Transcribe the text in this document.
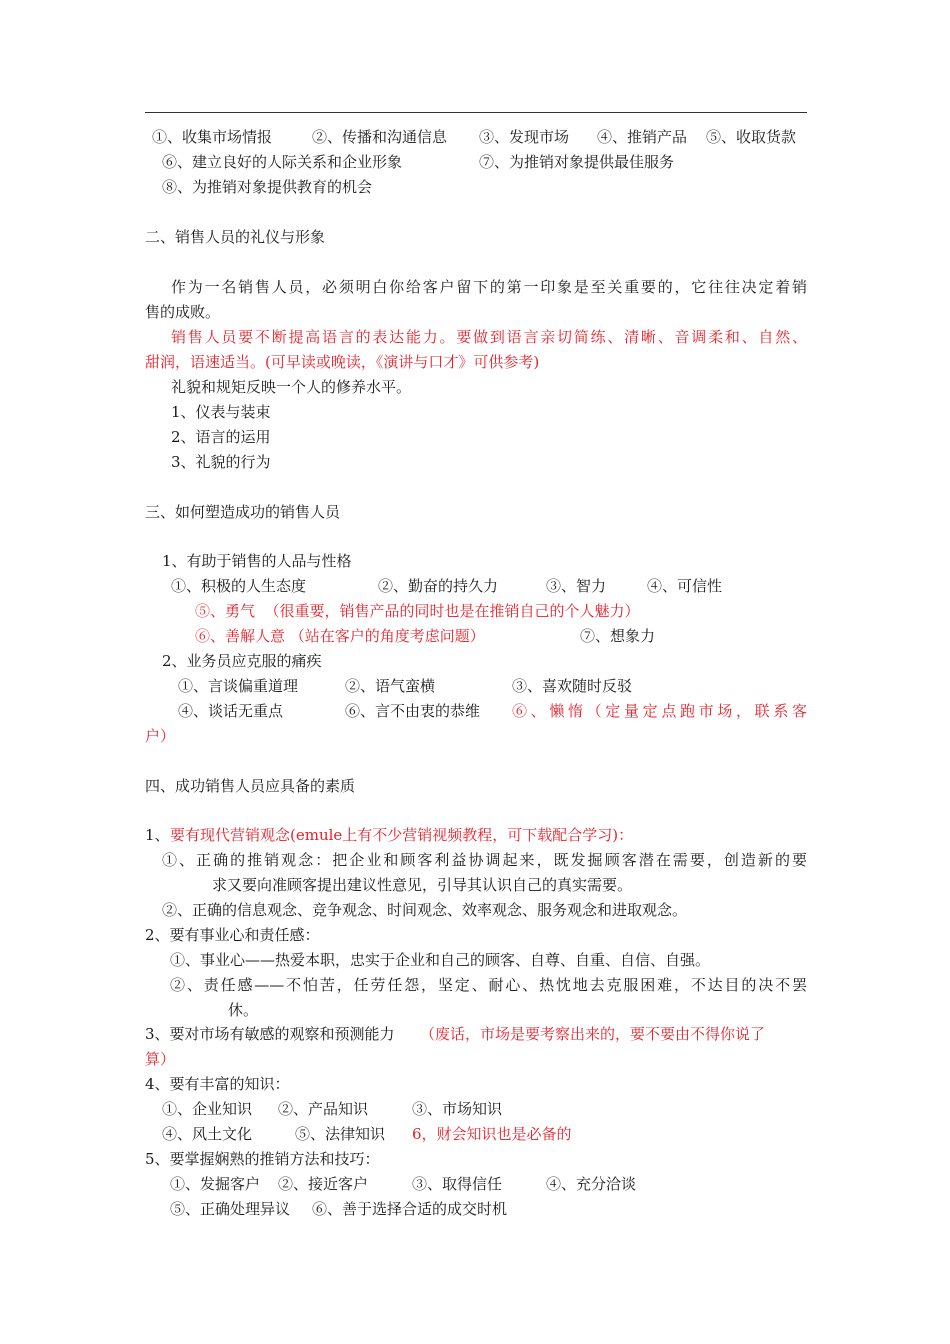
①、收集市场情报	②、传播和沟通信息 ③、发现市场 ④、推销产品 ⑤、收取货款
⑥、建立良好的人际关系和企业形象	⑦、为推销对象提供最佳服务
⑧、为推销对象提供教育的机会
二、销售人员的礼仪与形象
作为一名销售人员，必须明白你给客户留下的第一印象是至关重要的，它往往决定着销
售的成败。
销售人员要不断提高语言的表达能力。要做到语言亲切简练、清晰、音调柔和、自然、
甜润，语速适当。(可早读或晚读，《演讲与口才》可供参考)
礼貌和规矩反映一个人的修养水平。
1、仪表与装束
2、语言的运用
3、礼貌的行为
三、如何塑造成功的销售人员
1、有助于销售的人品与性格
①、积极的人生态度	②、勤奋的持久力	③、智力	④、可信性
⑤、勇气  （很重要，销售产品的同时也是在推销自己的个人魅力）
⑥、善解人意 （站在客户的角度考虑问题）	⑦、想象力
2、业务员应克服的痛疾
①、言谈偏重道理	②、语气蛮横	③、喜欢随时反驳
④、谈话无重点	⑥、言不由衷的恭维 ⑥、懒惰（定量定点跑市场，联系客
户）
四、成功销售人员应具备的素质
1、 要有现代营销观念(emule上有不少营销视频教程，可下载配合学习)：
①、正确的推销观念：把企业和顾客利益协调起来，既发掘顾客潜在需要，创造新的要
求又要向准顾客提出建议性意见，引导其认识自己的真实需要。
②、正确的信息观念、竞争观念、时间观念、效率观念、服务观念和进取观念。
2、要有事业心和责任感：
①、事业心——热爱本职，忠实于企业和自己的顾客、自尊、自重、自信、自强。
②、责任感——不怕苦，任劳任怨，坚定、耐心、热忱地去克服困难，不达目的决不罢
休。
3、要对市场有敏感的观察和预测能力 （废话，市场是要考察出来的，要不要由不得你说了
算）
4、要有丰富的知识：
①、企业知识 ②、产品知识	③、市场知识
④、风土文化	⑤、法律知识 6，财会知识也是必备的
5、要掌握娴熟的推销方法和技巧：
①、发掘客户 ②、接近客户	③、取得信任	④、充分洽谈
⑤、正确处理异议 ⑥、善于选择合适的成交时机
